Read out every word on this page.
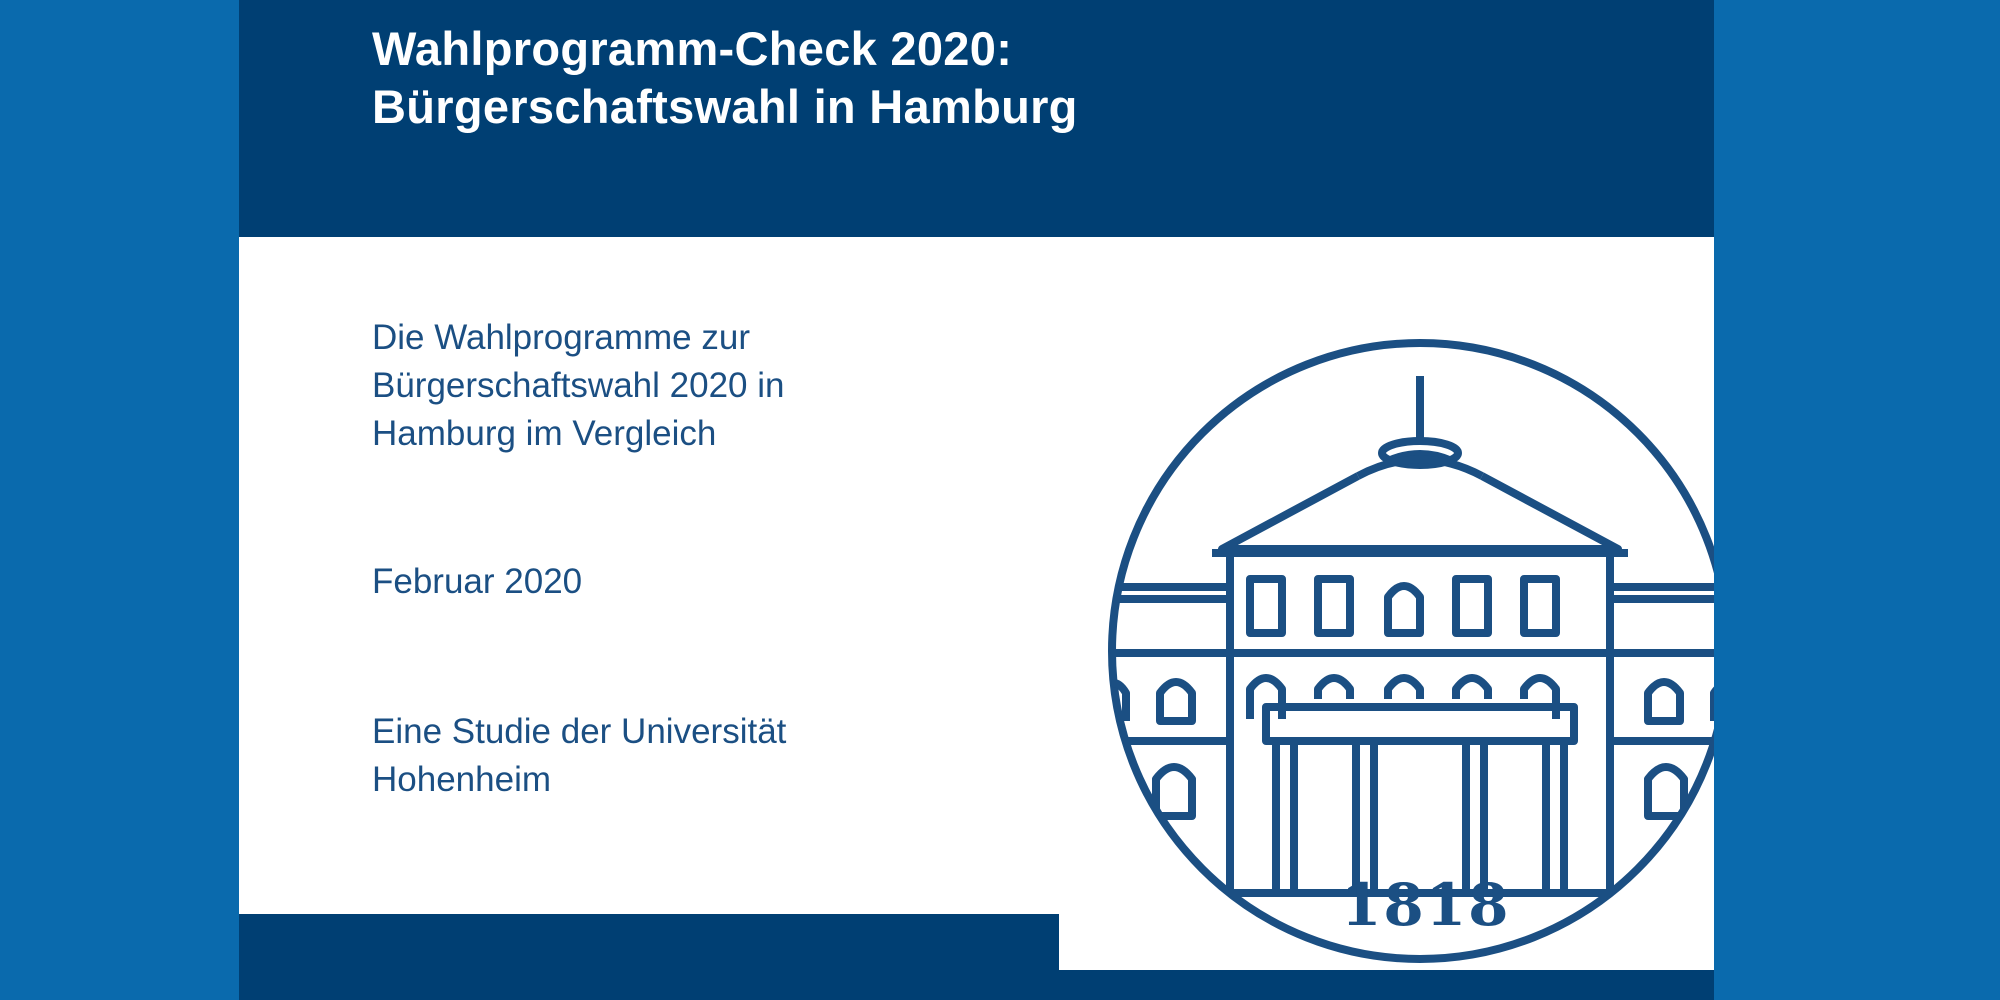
Wahlprogramm-Check 2020:
Bürgerschaftswahl in Hamburg

Die Wahlprogramme zur
Bürgerschaftswahl 2020 in
Hamburg im Vergleich

Februar 2020

Eine Studie der Universität
Hohenheim

1818
